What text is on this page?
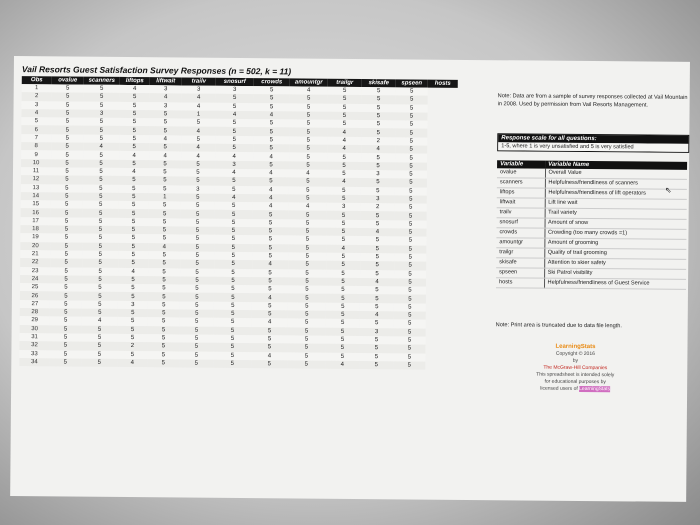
Vail Resorts Guest Satisfaction Survey Responses (n = 502, k = 11)
Obs	ovalue	scanners	liftops	liftwait	trailv	snosurf	crowds	amountgr	trailgr	skisafe	spseen	hosts
1	5	5	4	3	3	3	5	4	5	5	5	
2	5	5	5	4	4	5	5	5	5	5	5	
3	5	5	5	3	4	5	5	5	5	5	5	
4	5	3	5	5	1	4	4	5	5	5	5	
5	5	5	5	5	5	5	5	5	5	5	5	
6	5	5	5	5	4	5	5	5	4	5	5	
7	5	5	5	4	5	5	5	5	4	2	5	
8	5	4	5	5	4	5	5	5	4	4	5	
9	5	5	4	4	4	4	4	5	5	5	5	
10	5	5	5	5	5	3	5	5	5	5	5	
11	5	5	4	5	5	4	4	4	5	3	5	
12	5	5	5	5	5	5	5	5	4	5	5	
13	5	5	5	5	3	5	4	5	5	5	5	
14	5	5	5	1	5	4	4	5	5	3	5	
15	5	5	5	5	5	5	4	4	3	2	5	
16	5	5	5	5	5	5	5	5	5	5	5	
17	5	5	5	5	5	5	5	5	5	5	5	
18	5	5	5	5	5	5	5	5	5	4	5	
19	5	5	5	5	5	5	5	5	5	5	5	
20	5	5	5	4	5	5	5	5	4	5	5	
21	5	5	5	5	5	5	5	5	5	5	5	
22	5	5	5	5	5	5	4	5	5	5	5	
23	5	5	4	5	5	5	5	5	5	5	5	
24	5	5	5	5	5	5	5	5	5	4	5	
25	5	5	5	5	5	5	5	5	5	5	5	
26	5	5	5	5	5	5	4	5	5	5	5	
27	5	5	3	5	5	5	5	5	5	5	5	
28	5	5	5	5	5	5	5	5	5	4	5	
29	5	4	5	5	5	5	4	5	5	5	5	
30	5	5	5	5	5	5	5	5	5	3	5	
31	5	5	5	5	5	5	5	5	5	5	5	
32	5	5	2	5	5	5	5	5	5	5	5	
33	5	5	5	5	5	5	4	5	5	5	5	
34	5	5	4	5	5	5	5	5	4	5	5	
Note: Data are from a sample of survey responses collected at Vail Mountain in 2008. Used by permission from Vail Resorts Management.
Response scale for all questions:
1-5, where 1 is very unsatisfied and 5 is very satisfied
Variable	Variable Name
ovalue	Overall Value
scanners	Helpfulness/friendliness of scanners
liftops	Helpfulness/friendliness of lift operators
liftwait	Lift line wait
trailv	Trail variety
snosurf	Amount of snow
crowds	Crowding (too many crowds =1)
amountgr	Amount of grooming
trailgr	Quality of trail grooming
skisafe	Attention to skier safety
spseen	Ski Patrol visibility
hosts	Helpfulness/friendliness of Guest Service
⇖
Note: Print area is truncated due to data file length.
LearningStats
Copyright © 2016
by
The McGraw-Hill Companies
This spreadsheet is intended solely
for educational purposes by
licensed users of LearningStats
